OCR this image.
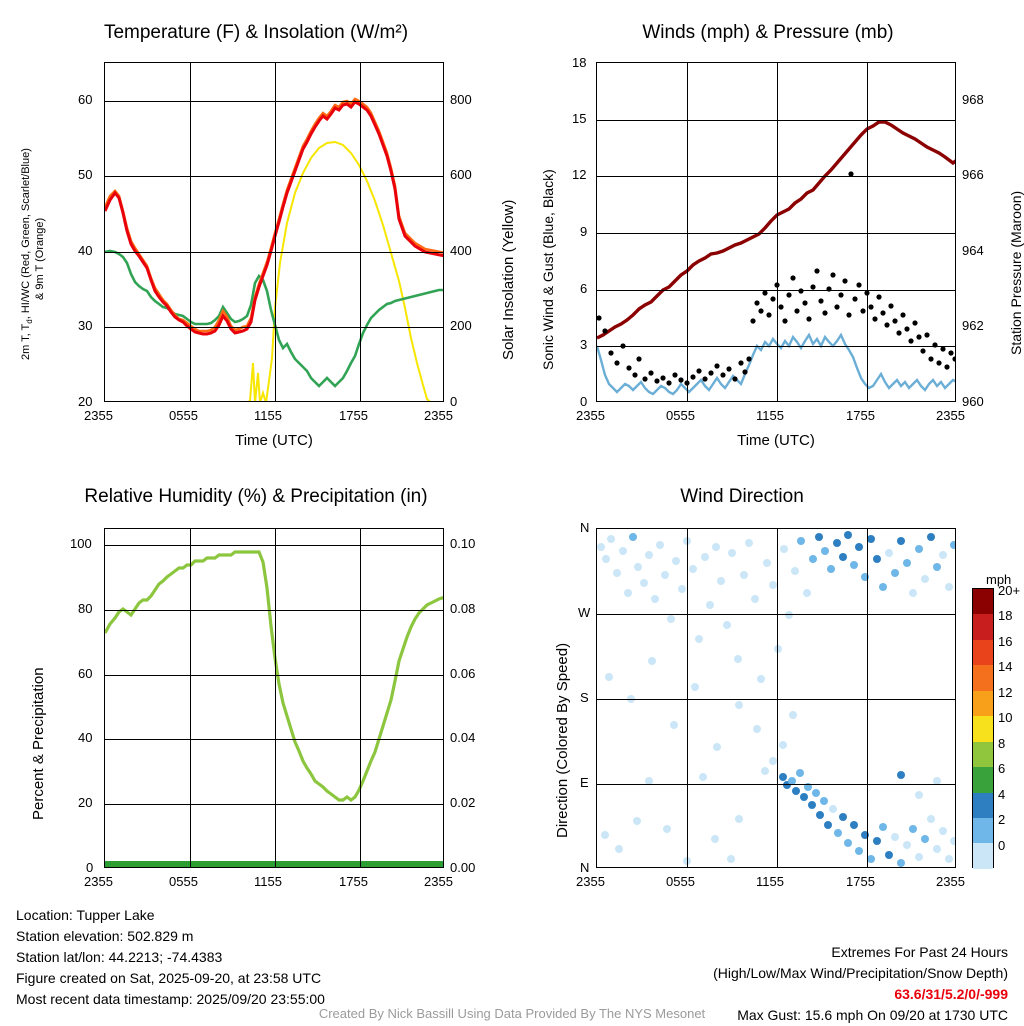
Temperature (F) & Insolation (W/m²)
2m T, $T_d$, HI/WC (Red, Green, Scarlet/Blue) & 9m T (Orange)	Solar Insolation (Yellow)
20
30
40
50
60
0
200
400
600
800
2355	0555	1155	1755	2355
Time (UTC)
Winds (mph) & Pressure (mb)
Sonic Wind & Gust (Blue, Black)	Station Pressure (Maroon)
0
3
6
9
12
15
18
960
962
964
966
968
2355	0555	1155	1755	2355
Time (UTC)
Relative Humidity (%) & Precipitation (in)
Percent & Precipitation
0
20
40
60
80
100
0.00
0.02
0.04
0.06
0.08
0.10
2355	0555	1155	1755	2355
Wind Direction
Direction (Colored By Speed)
N
E
S
W
N
2355	0555	1155	1755	2355
mph
20+
18
16
14
12
10
8
6
4
2
0
Location: Tupper Lake
Station elevation: 502.829 m
Station lat/lon: 44.2213; -74.4383
Figure created on Sat, 2025-09-20, at 23:58 UTC
Most recent data timestamp: 2025/09/20 23:55:00
Extremes For Past 24 Hours
(High/Low/Max Wind/Precipitation/Snow Depth)
63.6/31/5.2/0/-999
Max Gust: 15.6 mph On 09/20 at 1730 UTC
Created By Nick Bassill Using Data Provided By The NYS Mesonet
